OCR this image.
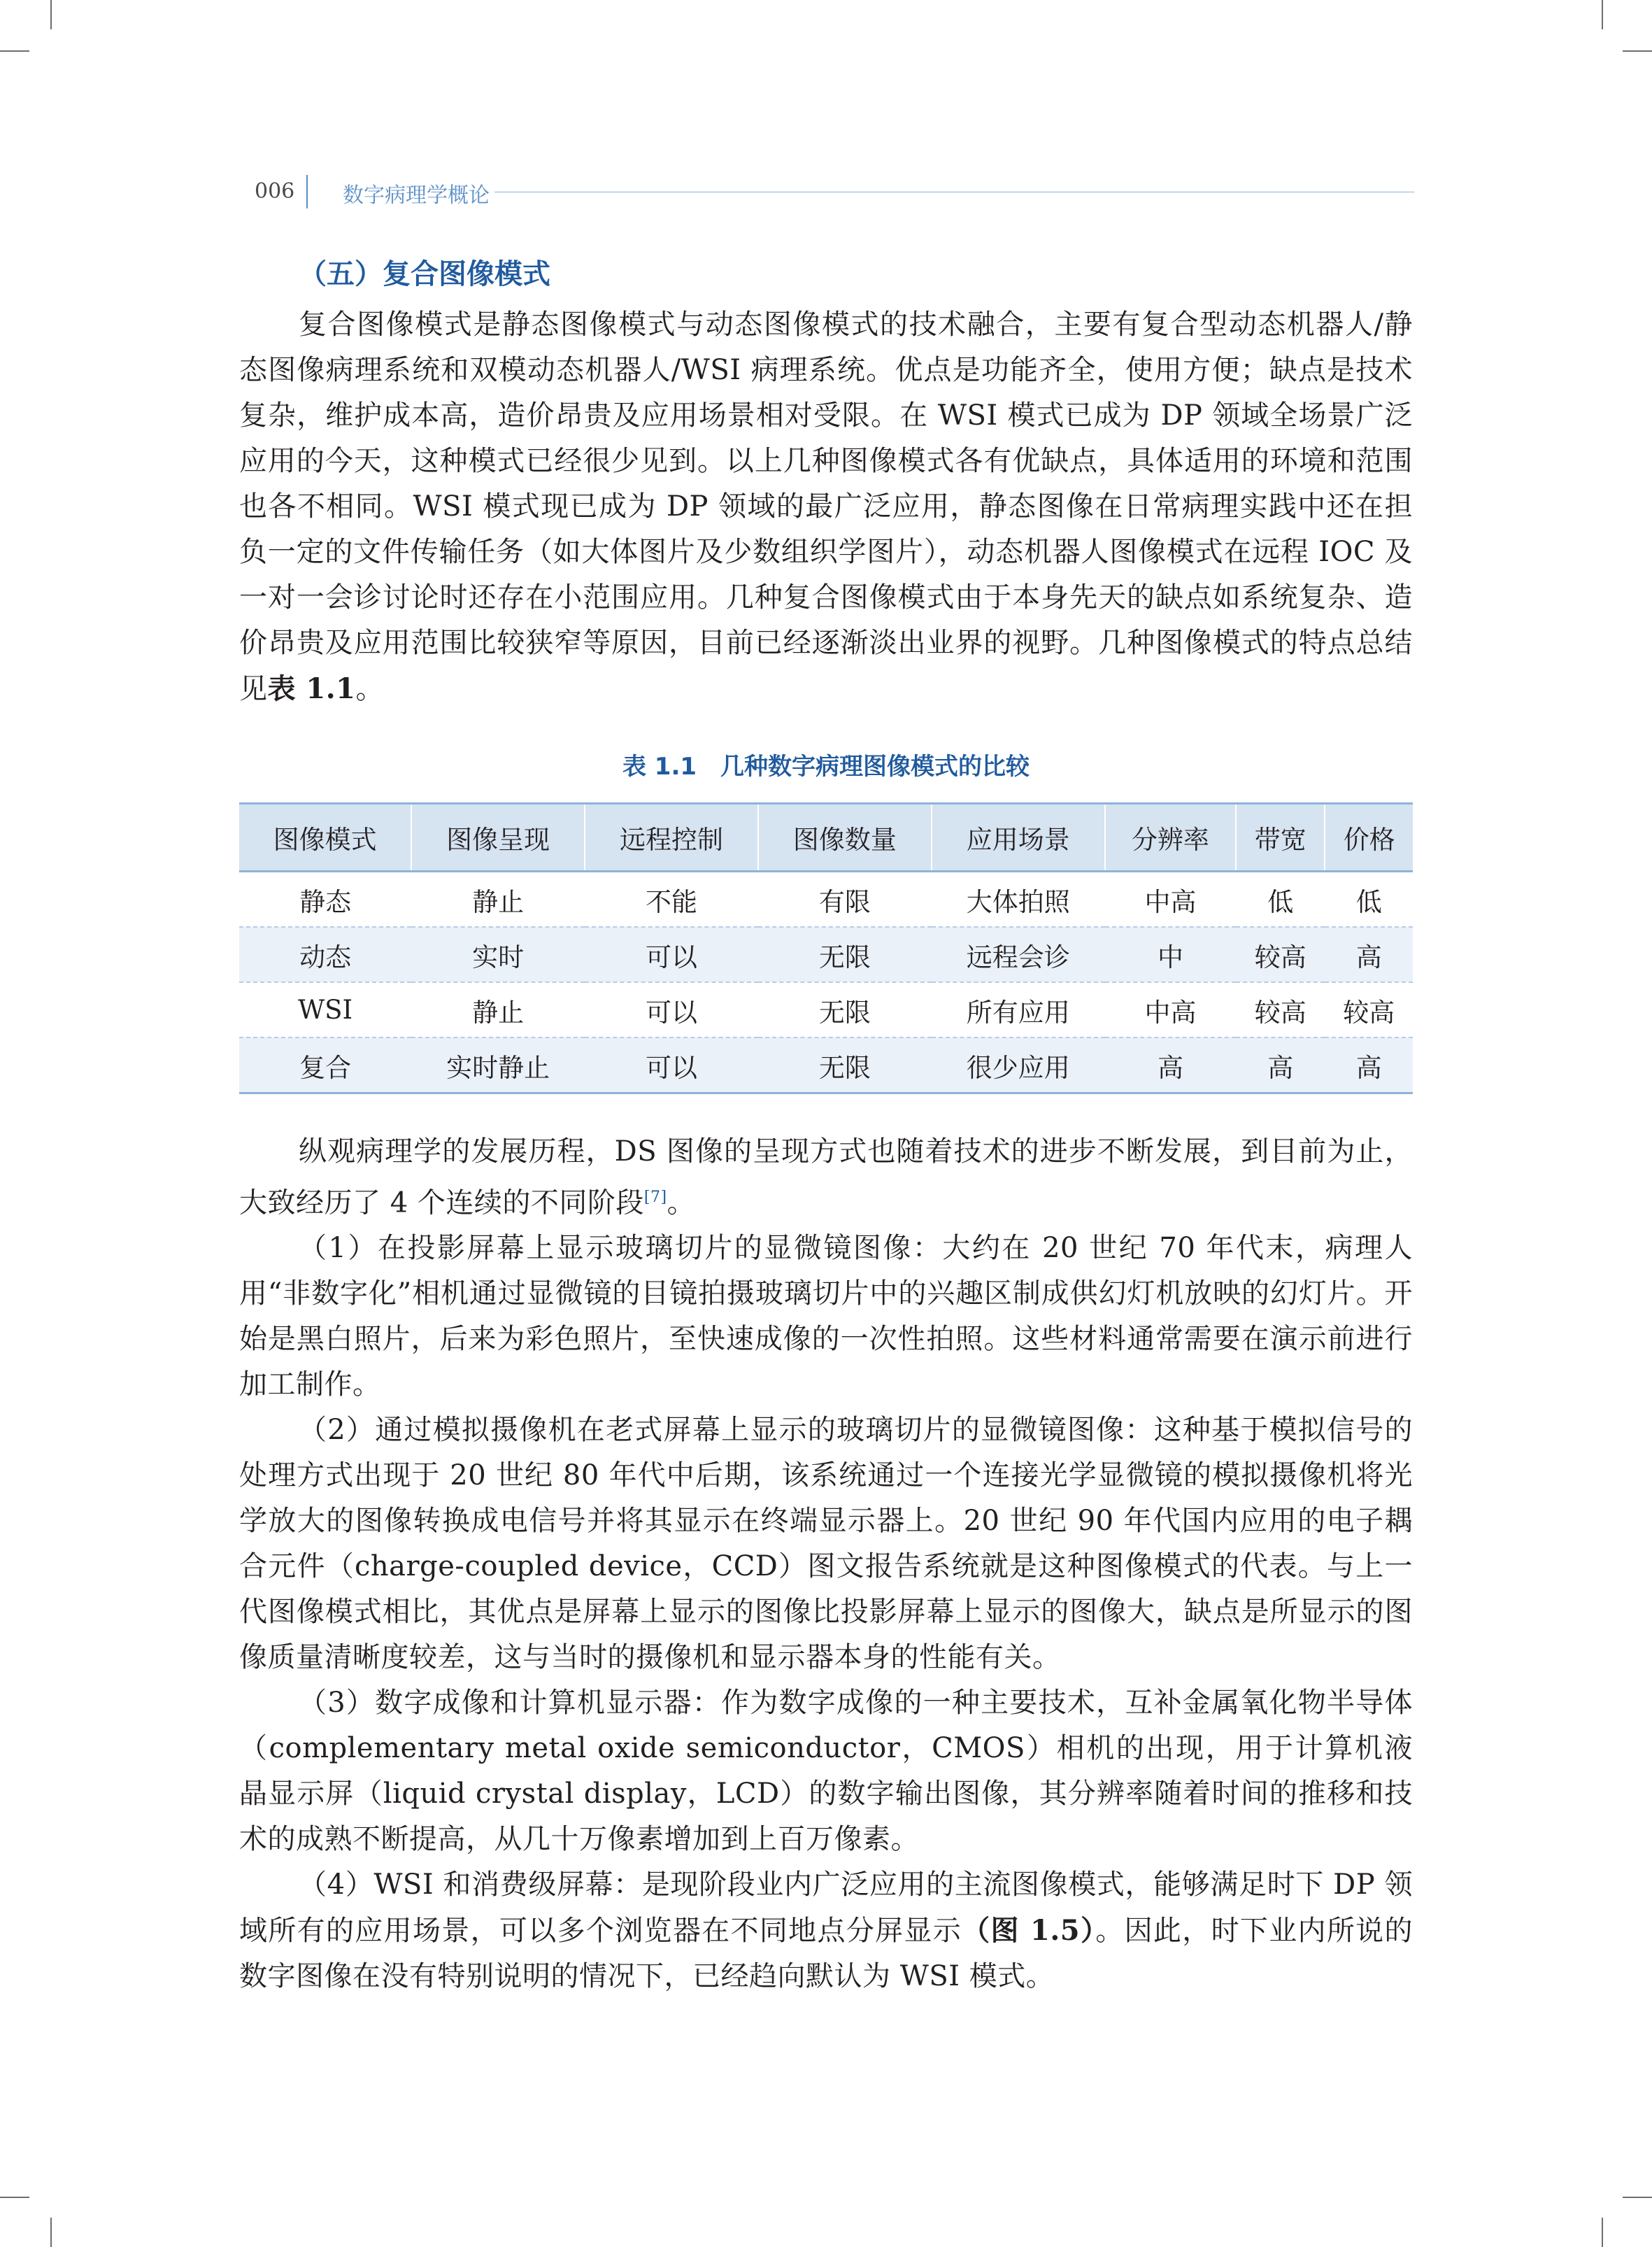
006 数字病理学概论
（五）复合图像模式

复合图像模式是静态图像模式与动态图像模式的技术融合，主要有复合型动态机器人/静态图像病理系统和双模动态机器人/WSI 病理系统。优点是功能齐全，使用方便；缺点是技术复杂，维护成本高，造价昂贵及应用场景相对受限。在 WSI 模式已成为 DP 领域全场景广泛应用的今天，这种模式已经很少见到。以上几种图像模式各有优缺点，具体适用的环境和范围也各不相同。WSI 模式现已成为 DP 领域的最广泛应用，静态图像在日常病理实践中还在担负一定的文件传输任务（如大体图片及少数组织学图片），动态机器人图像模式在远程 IOC 及一对一会诊讨论时还存在小范围应用。几种复合图像模式由于本身先天的缺点如系统复杂、造价昂贵及应用范围比较狭窄等原因，目前已经逐渐淡出业界的视野。几种图像模式的特点总结见表 1.1。

表 1.1　几种数字病理图像模式的比较
图像模式	图像呈现	远程控制	图像数量	应用场景	分辨率	带宽	价格
静态	静止	不能	有限	大体拍照	中高	低	低
动态	实时	可以	无限	远程会诊	中	较高	高
WSI	静止	可以	无限	所有应用	中高	较高	较高
复合	实时静止	可以	无限	很少应用	高	高	高

纵观病理学的发展历程，DS 图像的呈现方式也随着技术的进步不断发展，到目前为止，大致经历了 4 个连续的不同阶段[7]。

（1）在投影屏幕上显示玻璃切片的显微镜图像：大约在 20 世纪 70 年代末，病理人用“非数字化”相机通过显微镜的目镜拍摄玻璃切片中的兴趣区制成供幻灯机放映的幻灯片。开始是黑白照片，后来为彩色照片，至快速成像的一次性拍照。这些材料通常需要在演示前进行加工制作。

（2）通过模拟摄像机在老式屏幕上显示的玻璃切片的显微镜图像：这种基于模拟信号的处理方式出现于 20 世纪 80 年代中后期，该系统通过一个连接光学显微镜的模拟摄像机将光学放大的图像转换成电信号并将其显示在终端显示器上。20 世纪 90 年代国内应用的电子耦合元件（charge-coupled device，CCD）图文报告系统就是这种图像模式的代表。与上一代图像模式相比，其优点是屏幕上显示的图像比投影屏幕上显示的图像大，缺点是所显示的图像质量清晰度较差，这与当时的摄像机和显示器本身的性能有关。

（3）数字成像和计算机显示器：作为数字成像的一种主要技术，互补金属氧化物半导体（complementary metal oxide semiconductor，CMOS）相机的出现，用于计算机液晶显示屏（liquid crystal display，LCD）的数字输出图像，其分辨率随着时间的推移和技术的成熟不断提高，从几十万像素增加到上百万像素。

（4）WSI 和消费级屏幕：是现阶段业内广泛应用的主流图像模式，能够满足时下 DP 领域所有的应用场景，可以多个浏览器在不同地点分屏显示（图 1.5）。因此，时下业内所说的数字图像在没有特别说明的情况下，已经趋向默认为 WSI 模式。
